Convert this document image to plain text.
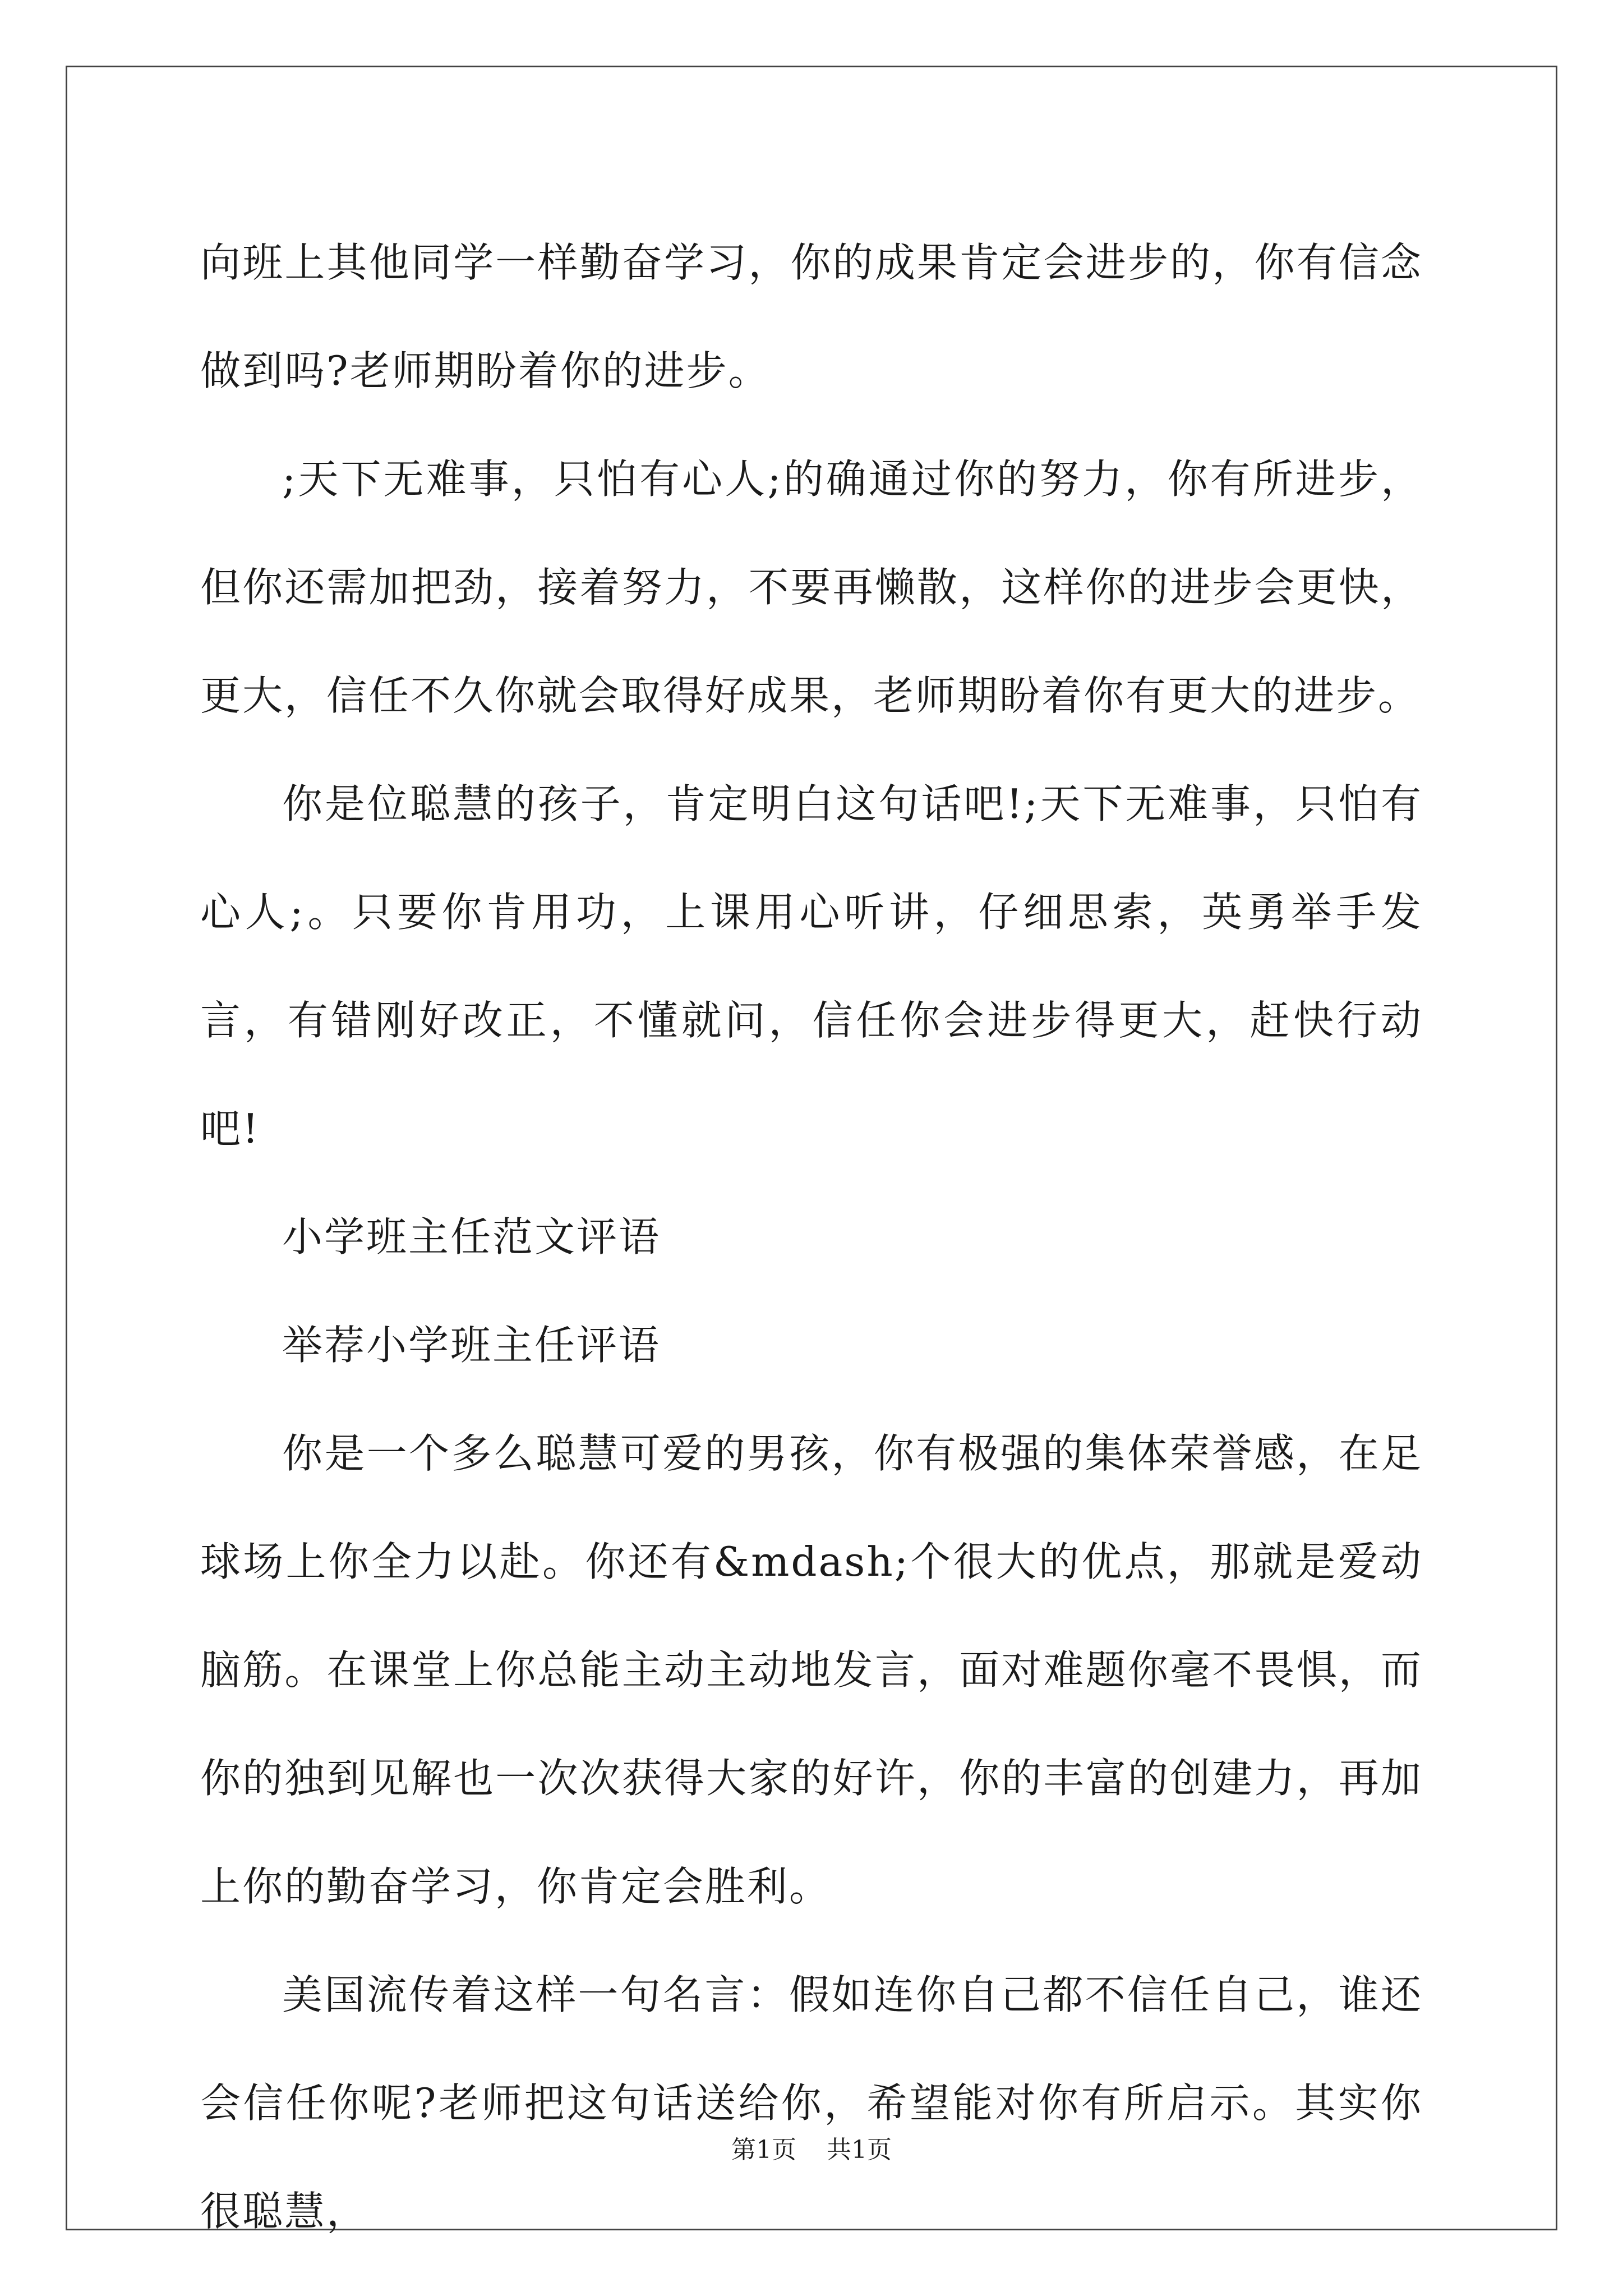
向班上其他同学一样勤奋学习，你的成果肯定会进步的，你有信念做到吗?老师期盼着你的进步。

;天下无难事，只怕有心人;的确通过你的努力，你有所进步，但你还需加把劲，接着努力，不要再懒散，这样你的进步会更快，更大，信任不久你就会取得好成果，老师期盼着你有更大的进步。

你是位聪慧的孩子，肯定明白这句话吧!;天下无难事，只怕有心人;。只要你肯用功，上课用心听讲，仔细思索，英勇举手发言，有错刚好改正，不懂就问，信任你会进步得更大，赶快行动吧!

小学班主任范文评语

举荐小学班主任评语

你是一个多么聪慧可爱的男孩，你有极强的集体荣誉感，在足球场上你全力以赴。你还有&mdash;个很大的优点，那就是爱动脑筋。在课堂上你总能主动主动地发言，面对难题你毫不畏惧，而你的独到见解也一次次获得大家的好许，你的丰富的创建力，再加上你的勤奋学习，你肯定会胜利。

美国流传着这样一句名言：假如连你自己都不信任自己，谁还会信任你呢?老师把这句话送给你，希望能对你有所启示。其实你很聪慧，

第1页 共1页
